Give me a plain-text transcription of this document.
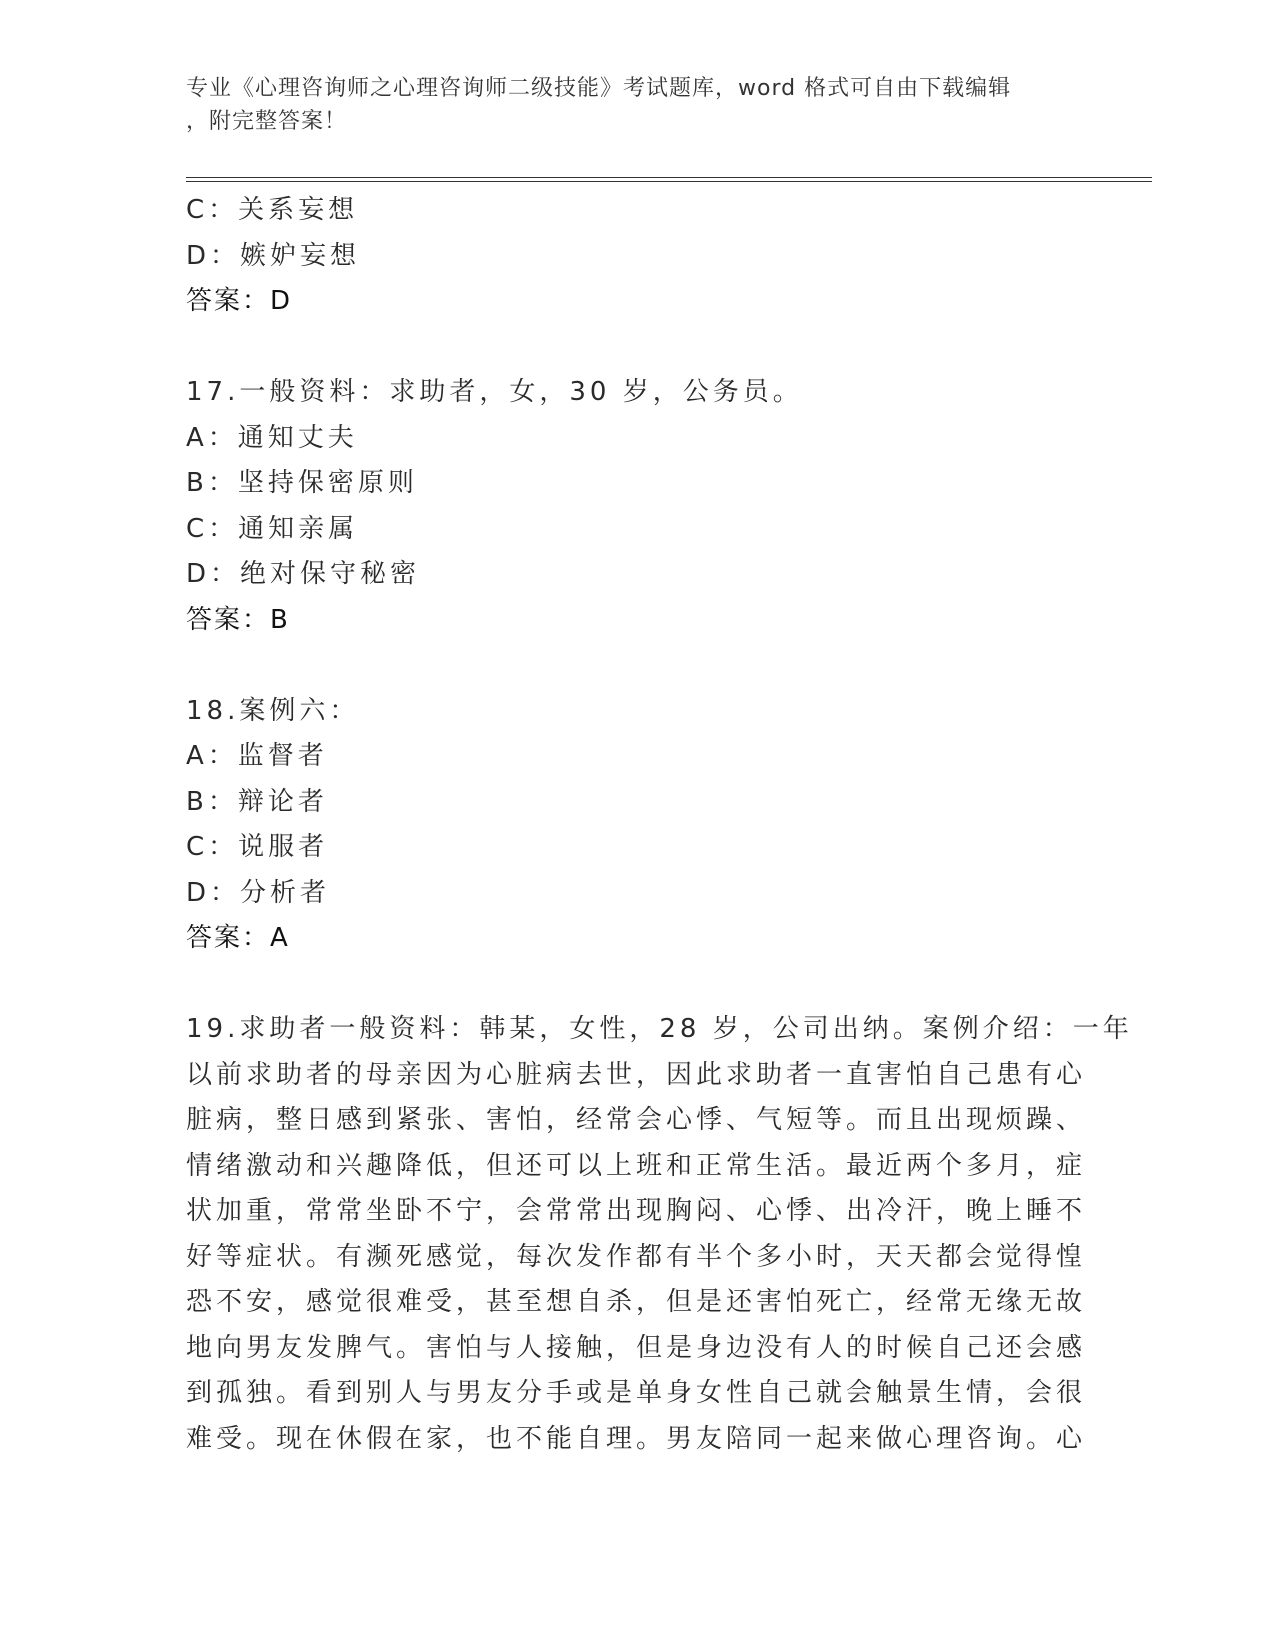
专业《心理咨询师之心理咨询师二级技能》考试题库，word 格式可自由下载编辑
，附完整答案！
C：关系妄想
D：嫉妒妄想
答案：D
17.一般资料：求助者，女，30 岁，公务员。
A：通知丈夫
B：坚持保密原则
C：通知亲属
D：绝对保守秘密
答案：B
18.案例六：
A：监督者
B：辩论者
C：说服者
D：分析者
答案：A
19.求助者一般资料：韩某，女性，28 岁，公司出纳。案例介绍：一年
以前求助者的母亲因为心脏病去世，因此求助者一直害怕自己患有心
脏病，整日感到紧张、害怕，经常会心悸、气短等。而且出现烦躁、
情绪激动和兴趣降低，但还可以上班和正常生活。最近两个多月，症
状加重，常常坐卧不宁，会常常出现胸闷、心悸、出冷汗，晚上睡不
好等症状。有濒死感觉，每次发作都有半个多小时，天天都会觉得惶
恐不安，感觉很难受，甚至想自杀，但是还害怕死亡，经常无缘无故
地向男友发脾气。害怕与人接触，但是身边没有人的时候自己还会感
到孤独。看到别人与男友分手或是单身女性自己就会触景生情，会很
难受。现在休假在家，也不能自理。男友陪同一起来做心理咨询。心
